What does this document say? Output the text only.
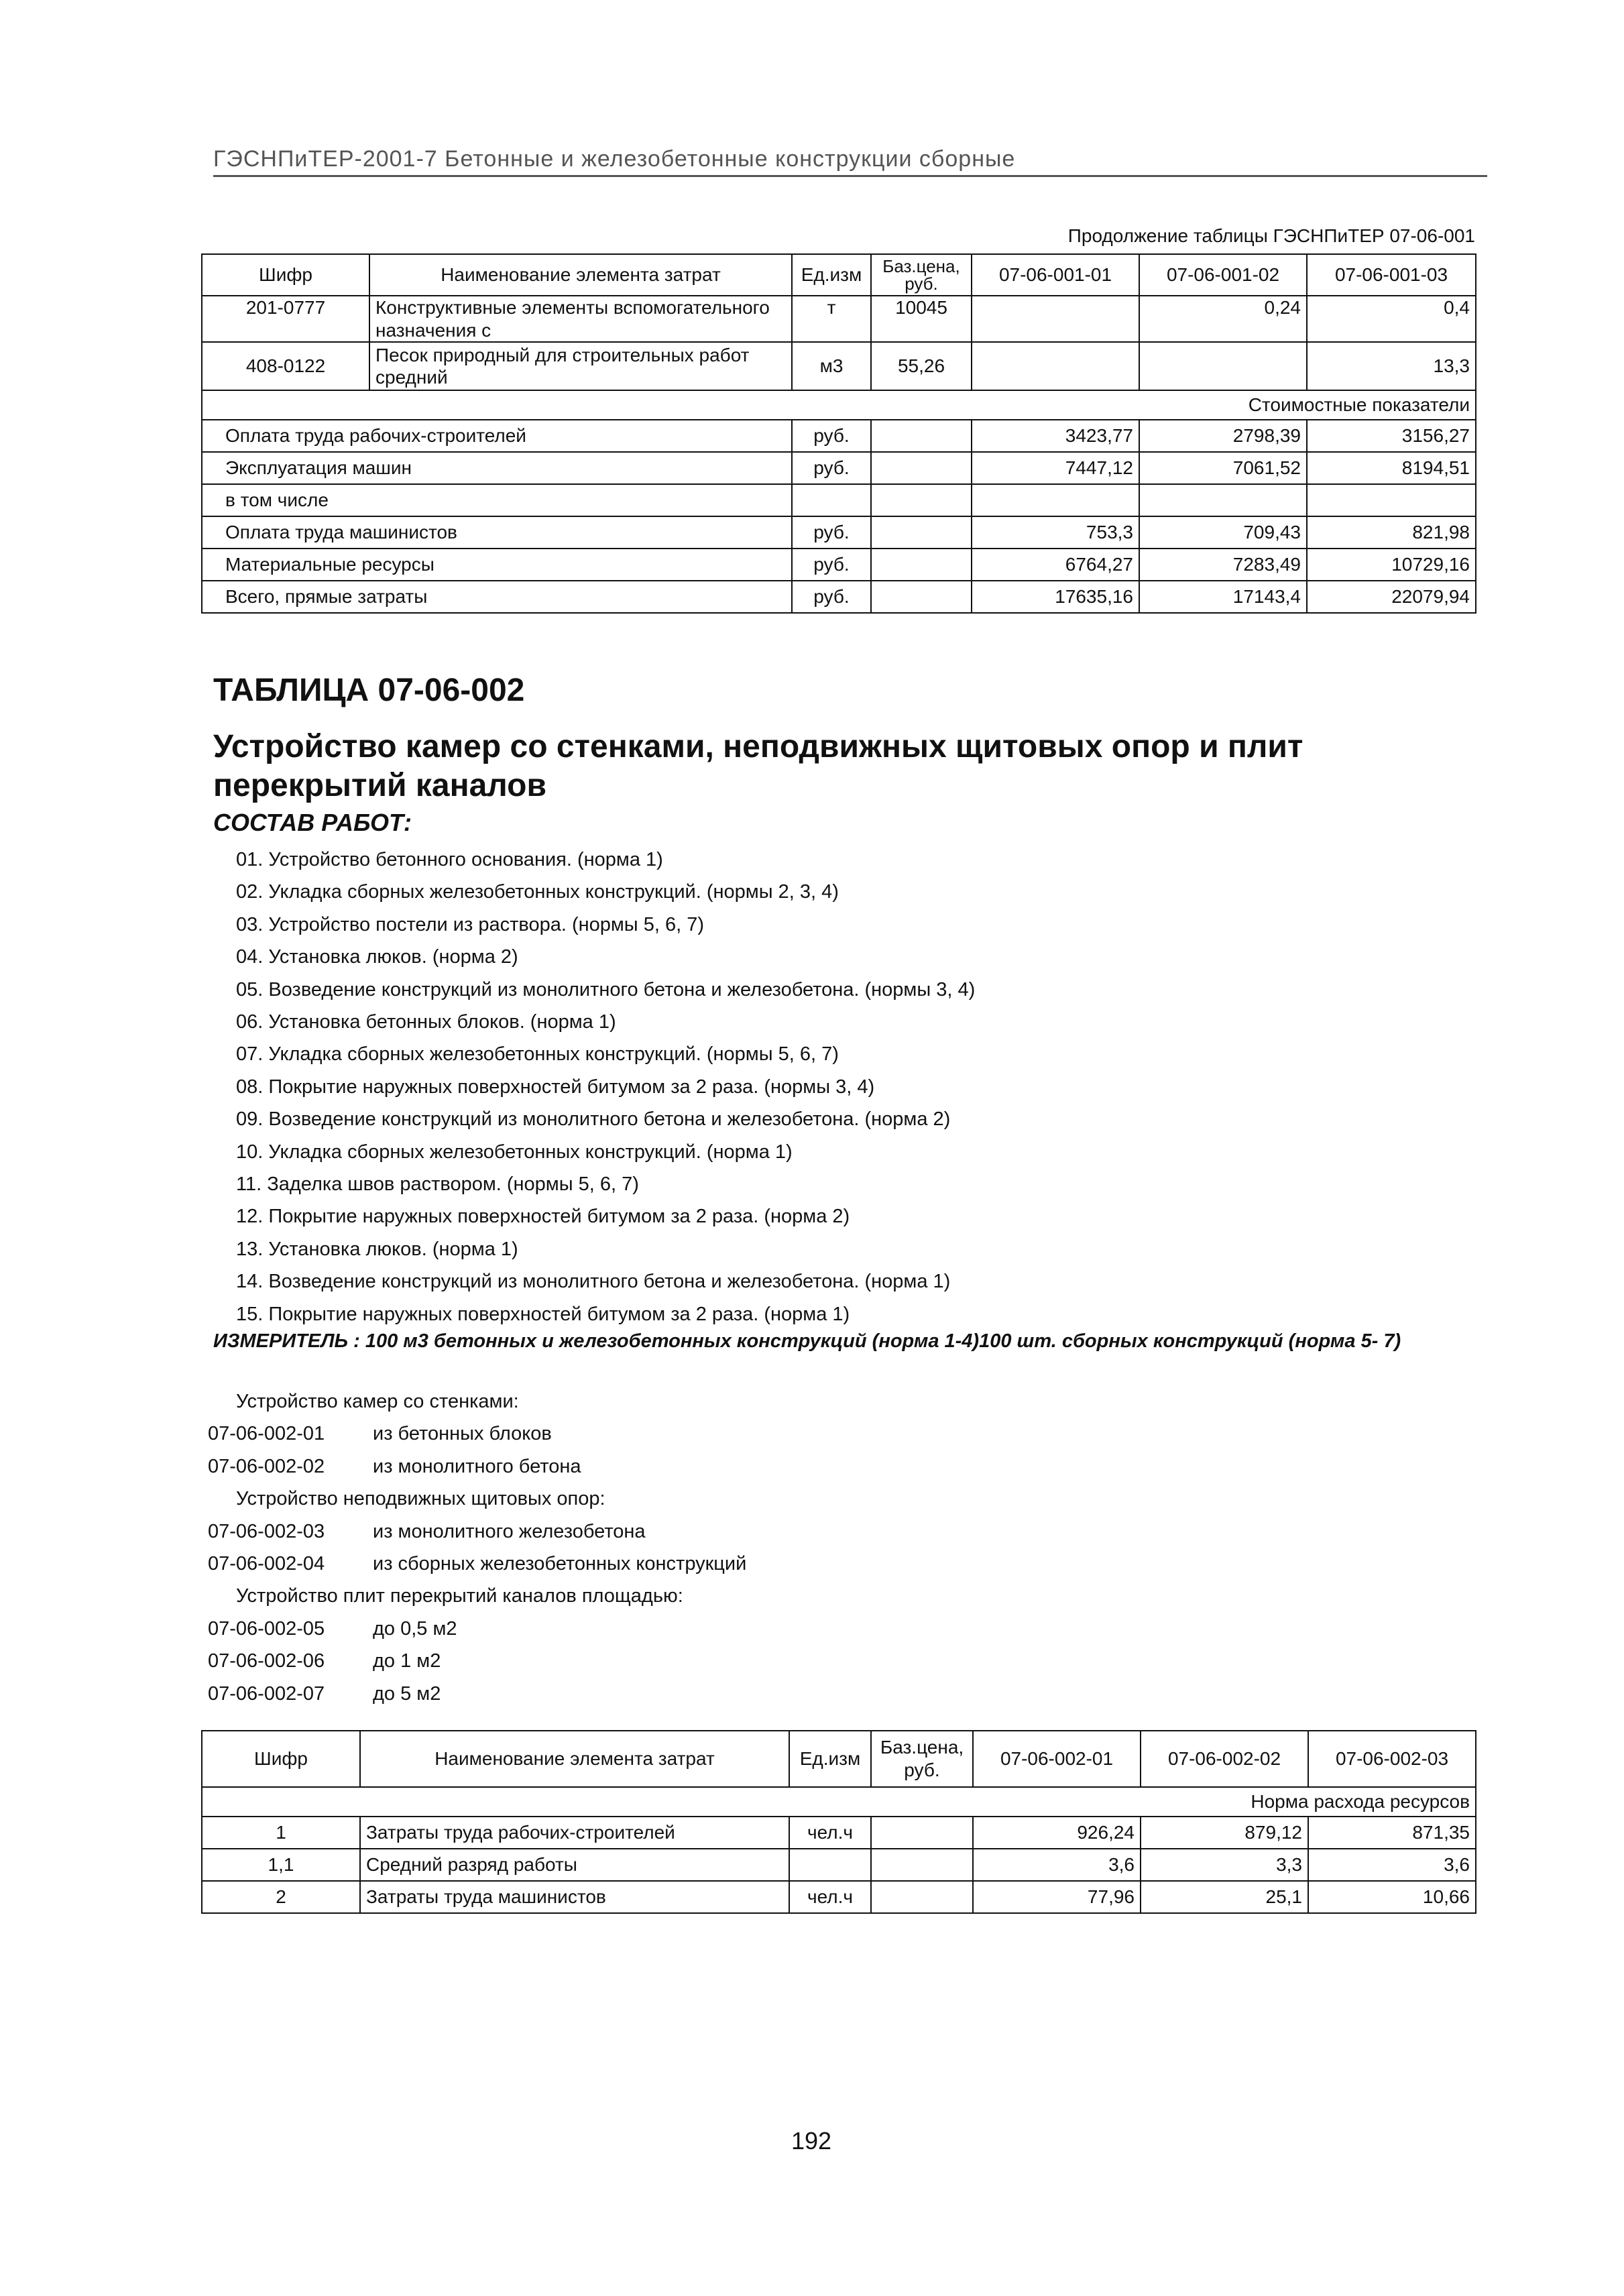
ГЭСНПиТЕР-2001-7 Бетонные и железобетонные конструкции сборные
Продолжение таблицы ГЭСНПиТЕР 07-06-001
Шифр	Наименование элемента затрат	Ед.изм	Баз.цена, руб.	07-06-001-01	07-06-001-02	07-06-001-03
201-0777	Конструктивные элементы вспомогательного назначения с	т	10045		0,24	0,4
408-0122	Песок природный для строительных работ средний	м3	55,26			13,3
Стоимостные показатели						
Оплата труда рабочих-строителей		руб.		3423,77	2798,39	3156,27
Эксплуатация машин		руб.		7447,12	7061,52	8194,51
в том числе						
Оплата труда машинистов		руб.		753,3	709,43	821,98
Материальные ресурсы		руб.		6764,27	7283,49	10729,16
Всего, прямые затраты		руб.		17635,16	17143,4	22079,94
ТАБЛИЦА 07-06-002
Устройство камер со стенками, неподвижных щитовых опор и плит перекрытий каналов
СОСТАВ РАБОТ:
01. Устройство бетонного основания. (норма 1)
02. Укладка сборных железобетонных конструкций. (нормы 2, 3, 4)
03. Устройство постели из раствора. (нормы 5, 6, 7)
04. Установка люков. (норма 2)
05. Возведение конструкций из монолитного бетона и железобетона. (нормы 3, 4)
06. Установка бетонных блоков. (норма 1)
07. Укладка сборных железобетонных конструкций. (нормы 5, 6, 7)
08. Покрытие наружных поверхностей битумом за 2 раза. (нормы 3, 4)
09. Возведение конструкций из монолитного бетона и железобетона. (норма 2)
10. Укладка сборных железобетонных конструкций. (норма 1)
11. Заделка швов раствором. (нормы 5, 6, 7)
12. Покрытие наружных поверхностей битумом за 2 раза. (норма 2)
13. Установка люков. (норма 1)
14. Возведение конструкций из монолитного бетона и железобетона. (норма 1)
15. Покрытие наружных поверхностей битумом за 2 раза. (норма 1)
ИЗМЕРИТЕЛЬ : 100 м3 бетонных и железобетонных конструкций (норма 1-4)100 шт. сборных конструкций (норма 5- 7)
Устройство камер со стенками:
07-06-002-01 из бетонных блоков
07-06-002-02 из монолитного бетона
Устройство неподвижных щитовых опор:
07-06-002-03 из монолитного железобетона
07-06-002-04 из сборных железобетонных конструкций
Устройство плит перекрытий каналов площадью:
07-06-002-05 до 0,5 м2
07-06-002-06 до 1 м2
07-06-002-07 до 5 м2
Шифр	Наименование элемента затрат	Ед.изм	Баз.цена, руб.	07-06-002-01	07-06-002-02	07-06-002-03
Норма расхода ресурсов						
1	Затраты труда рабочих-строителей	чел.ч		926,24	879,12	871,35
1,1	Средний разряд работы			3,6	3,3	3,6
2	Затраты труда машинистов	чел.ч		77,96	25,1	10,66
192
